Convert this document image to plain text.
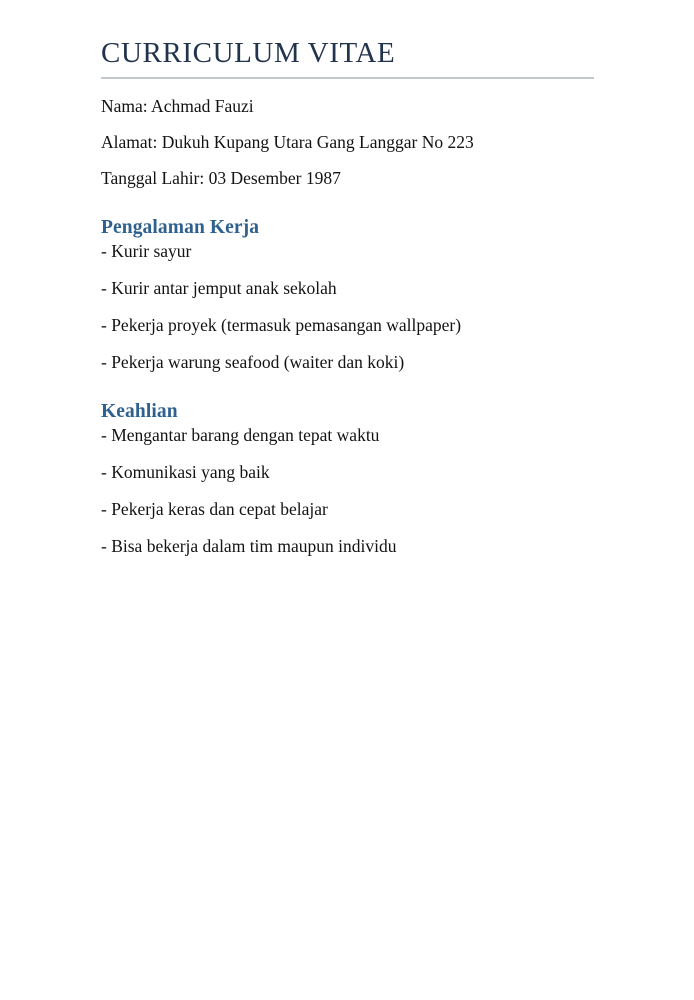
CURRICULUM VITAE

Nama: Achmad Fauzi

Alamat: Dukuh Kupang Utara Gang Langgar No 223

Tanggal Lahir: 03 Desember 1987

Pengalaman Kerja
- Kurir sayur
- Kurir antar jemput anak sekolah
- Pekerja proyek (termasuk pemasangan wallpaper)
- Pekerja warung seafood (waiter dan koki)
Keahlian
- Mengantar barang dengan tepat waktu
- Komunikasi yang baik
- Pekerja keras dan cepat belajar
- Bisa bekerja dalam tim maupun individu
